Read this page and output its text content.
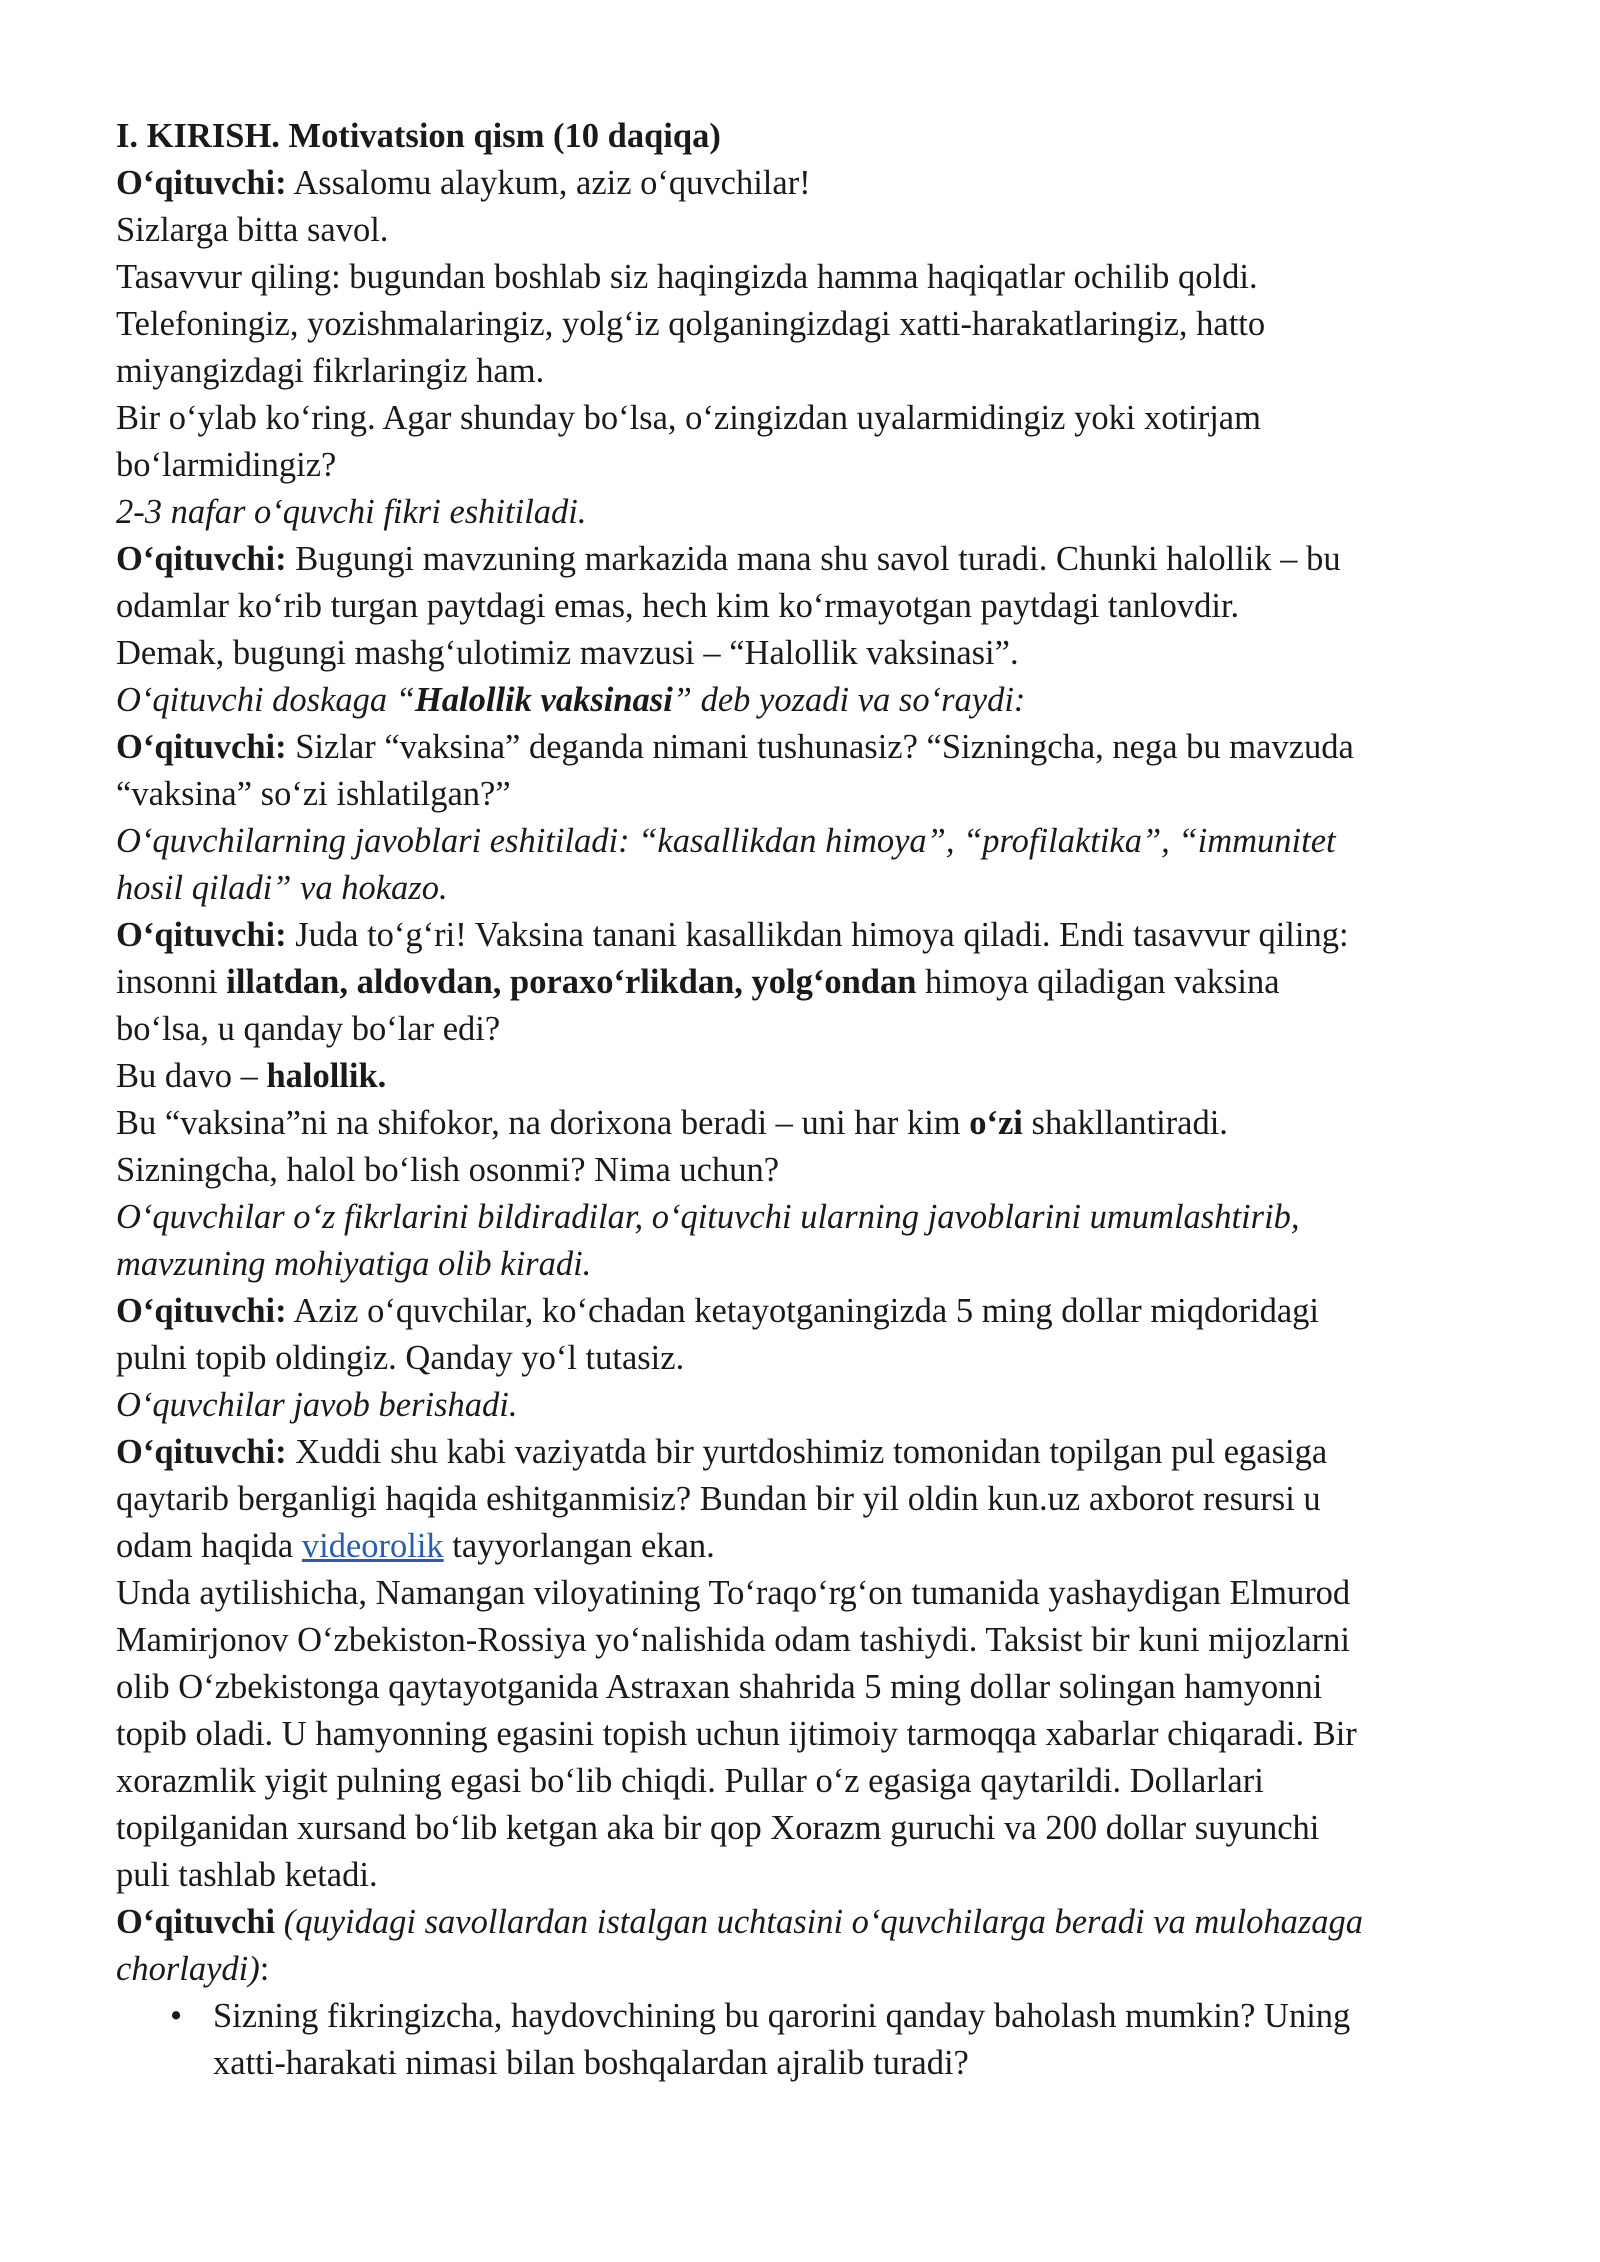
I. KIRISH. Motivatsion qism (10 daqiqa)
O‘qituvchi: Assalomu alaykum, aziz o‘quvchilar!
Sizlarga bitta savol.
Tasavvur qiling: bugundan boshlab siz haqingizda hamma haqiqatlar ochilib qoldi.
Telefoningiz, yozishmalaringiz, yolg‘iz qolganingizdagi xatti-harakatlaringiz, hatto
miyangizdagi fikrlaringiz ham.
Bir o‘ylab ko‘ring. Agar shunday bo‘lsa, o‘zingizdan uyalarmidingiz yoki xotirjam
bo‘larmidingiz?
2-3 nafar o‘quvchi fikri eshitiladi.
O‘qituvchi: Bugungi mavzuning markazida mana shu savol turadi. Chunki halollik – bu
odamlar ko‘rib turgan paytdagi emas, hech kim ko‘rmayotgan paytdagi tanlovdir.
Demak, bugungi mashg‘ulotimiz mavzusi – “Halollik vaksinasi”.
O‘qituvchi doskaga “Halollik vaksinasi” deb yozadi va so‘raydi:
O‘qituvchi: Sizlar “vaksina” deganda nimani tushunasiz? “Sizningcha, nega bu mavzuda
“vaksina” so‘zi ishlatilgan?”
O‘quvchilarning javoblari eshitiladi: “kasallikdan himoya”, “profilaktika”, “immunitet
hosil qiladi” va hokazo.
O‘qituvchi: Juda to‘g‘ri! Vaksina tanani kasallikdan himoya qiladi. Endi tasavvur qiling:
insonni illatdan, aldovdan, poraxo‘rlikdan, yolg‘ondan himoya qiladigan vaksina
bo‘lsa, u qanday bo‘lar edi?
Bu davo – halollik.
Bu “vaksina”ni na shifokor, na dorixona beradi – uni har kim o‘zi shakllantiradi.
Sizningcha, halol bo‘lish osonmi? Nima uchun?
O‘quvchilar o‘z fikrlarini bildiradilar, o‘qituvchi ularning javoblarini umumlashtirib,
mavzuning mohiyatiga olib kiradi.
O‘qituvchi: Aziz o‘quvchilar, ko‘chadan ketayotganingizda 5 ming dollar miqdoridagi
pulni topib oldingiz. Qanday yo‘l tutasiz.
O‘quvchilar javob berishadi.
O‘qituvchi: Xuddi shu kabi vaziyatda bir yurtdoshimiz tomonidan topilgan pul egasiga
qaytarib berganligi haqida eshitganmisiz? Bundan bir yil oldin kun.uz axborot resursi u
odam haqida videorolik tayyorlangan ekan.
Unda aytilishicha, Namangan viloyatining To‘raqo‘rg‘on tumanida yashaydigan Elmurod
Mamirjonov O‘zbekiston-Rossiya yo‘nalishida odam tashiydi. Taksist bir kuni mijozlarni
olib O‘zbekistonga qaytayotganida Astraxan shahrida 5 ming dollar solingan hamyonni
topib oladi. U hamyonning egasini topish uchun ijtimoiy tarmoqqa xabarlar chiqaradi. Bir
xorazmlik yigit pulning egasi bo‘lib chiqdi. Pullar o‘z egasiga qaytarildi. Dollarlari
topilganidan xursand bo‘lib ketgan aka bir qop Xorazm guruchi va 200 dollar suyunchi
puli tashlab ketadi.
O‘qituvchi (quyidagi savollardan istalgan uchtasini o‘quvchilarga beradi va mulohazaga
chorlaydi):
• Sizning fikringizcha, haydovchining bu qarorini qanday baholash mumkin? Uning
xatti-harakati nimasi bilan boshqalardan ajralib turadi?
